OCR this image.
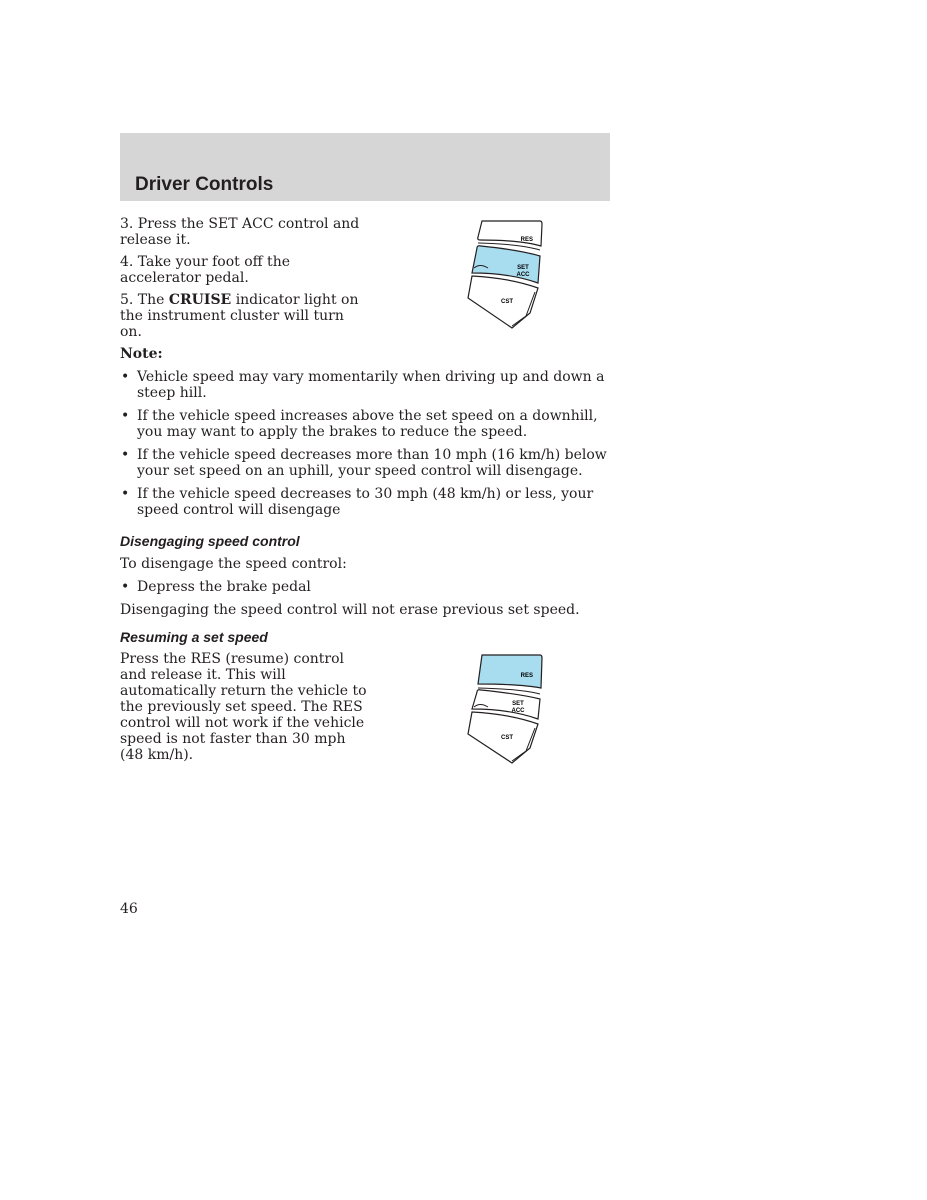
Driver Controls

3. Press the SET ACC control and release it.

4. Take your foot off the accelerator pedal.

5. The CRUISE indicator light on the instrument cluster will turn on.

RES
SET
ACC
CST

Note:

• Vehicle speed may vary momentarily when driving up and down a steep hill.
• If the vehicle speed increases above the set speed on a downhill, you may want to apply the brakes to reduce the speed.
• If the vehicle speed decreases more than 10 mph (16 km/h) below your set speed on an uphill, your speed control will disengage.
• If the vehicle speed decreases to 30 mph (48 km/h) or less, your speed control will disengage
Disengaging speed control

To disengage the speed control:

• Depress the brake pedal

Disengaging the speed control will not erase previous set speed.

Resuming a set speed
Press the RES (resume) control and release it. This will automatically return the vehicle to the previously set speed. The RES control will not work if the vehicle speed is not faster than 30 mph (48 km/h).
RES
SET
ACC
CST
46
